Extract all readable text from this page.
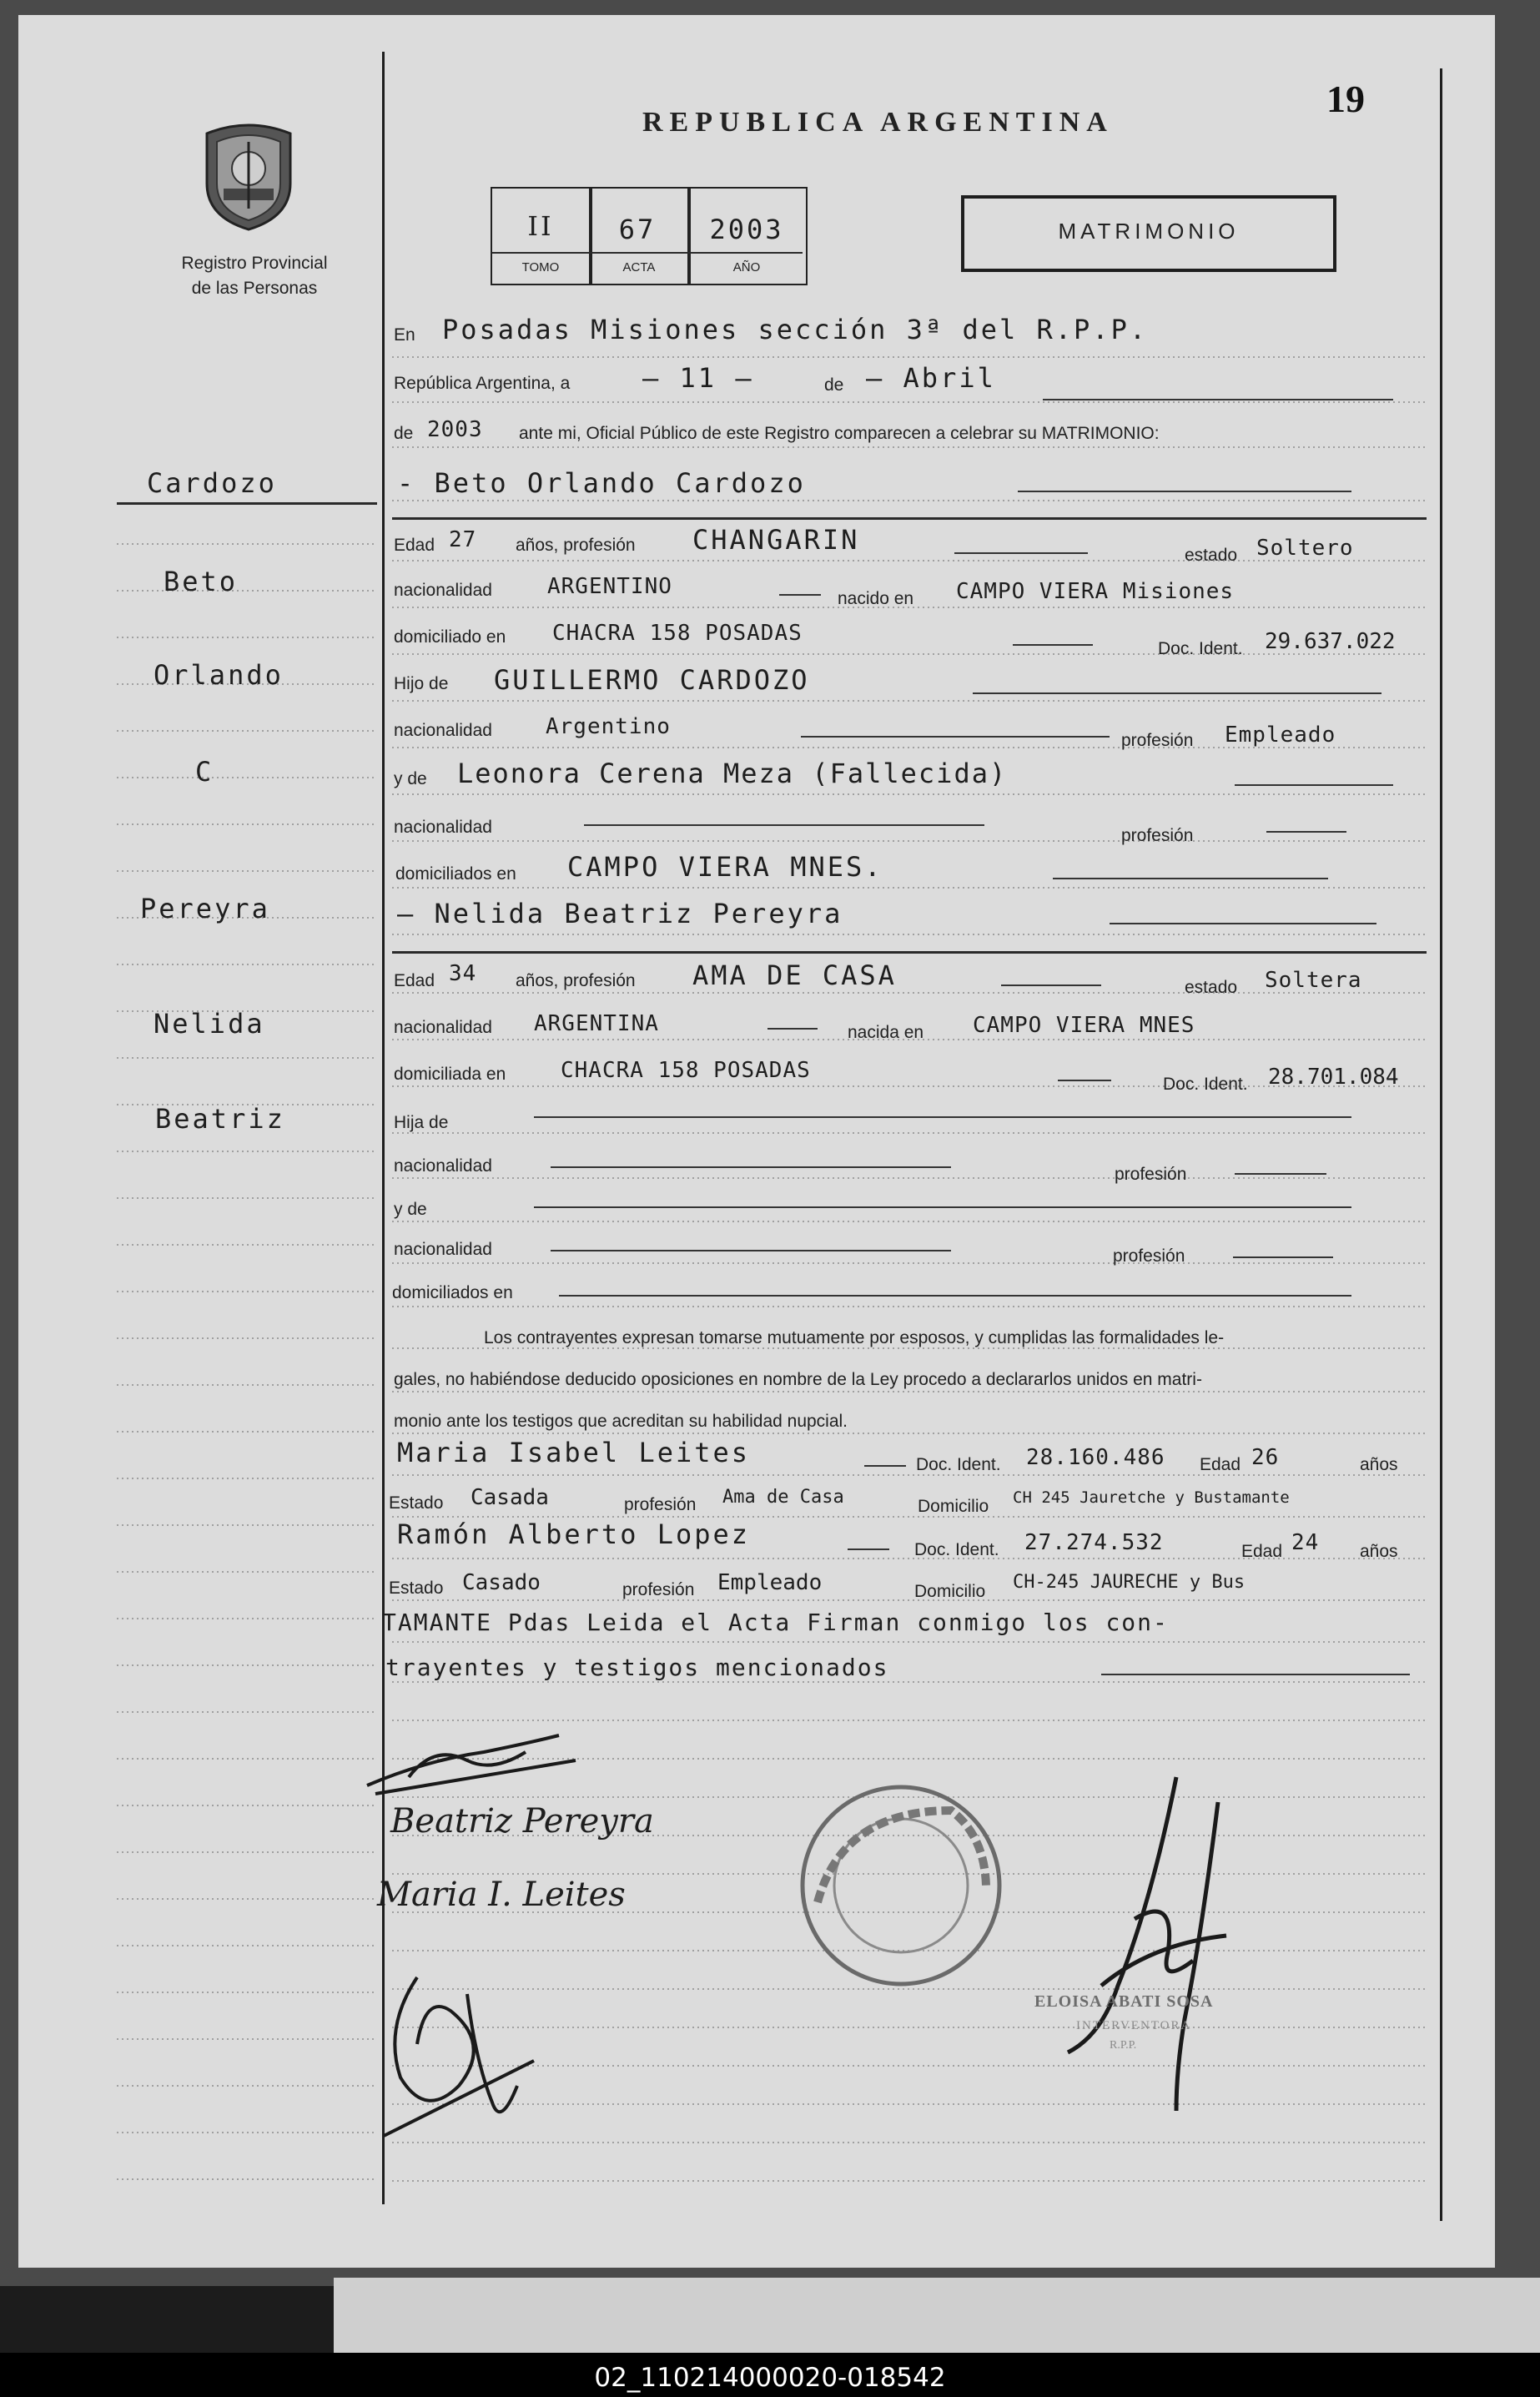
02_110214000020-018542
Registro Provincial
de las Personas
REPUBLICA ARGENTINA
19
II	67	2003
TOMO	ACTA	AÑO
MATRIMONIO
Cardozo
Beto
Orlando
C
Pereyra
Nelida
Beatriz
En Posadas Misiones sección 3ª del R.P.P.
República Argentina, a	— 11 —	de — Abril
de 2003 ante mi, Oficial Público de este Registro comparecen a celebrar su MATRIMONIO:
- Beto Orlando Cardozo
Edad 27 años, profesión CHANGARIN	estado Soltero
nacionalidad	ARGENTINO	nacido en CAMPO VIERA Misiones
domiciliado en CHACRA 158 POSADAS
Doc. Ident. 29.637.022
Hijo de GUILLERMO CARDOZO
nacionalidad Argentino
profesión Empleado
y de Leonora Cerena Meza (Fallecida)
nacionalidad	profesión
domiciliados en CAMPO VIERA MNES.
— Nelida Beatriz Pereyra
Edad 34 años, profesión AMA DE CASA	estado Soltera
nacionalidad ARGENTINA	nacida en CAMPO VIERA MNES
domiciliada en	CHACRA 158 POSADAS
Doc. Ident. 28.701.084
Hija de
nacionalidad	profesión
y de
nacionalidad	profesión
domiciliados en
Los contrayentes expresan tomarse mutuamente por esposos, y cumplidas las formalidades le-
gales, no habiéndose deducido oposiciones en nombre de la Ley procedo a declararlos unidos en matri-
monio ante los testigos que acreditan su habilidad nupcial.
Maria Isabel Leites	Doc. Ident. 28.160.486 Edad 26	años
Estado Casada	profesión Ama de Casa	Domicilio CH 245 Jauretche y Bustamante
Ramón Alberto Lopez	Doc. Ident. 27.274.532	Edad 24 años
Estado Casado	profesión Empleado	Domicilio CH-245 JAURECHE y Bus
TAMANTE Pdas Leida el Acta Firman conmigo los con-
trayentes y testigos mencionados
Beatriz Pereyra
Maria I. Leites
ELOISA ABATI SOSA
INTERVENTORA
R.P.P.
